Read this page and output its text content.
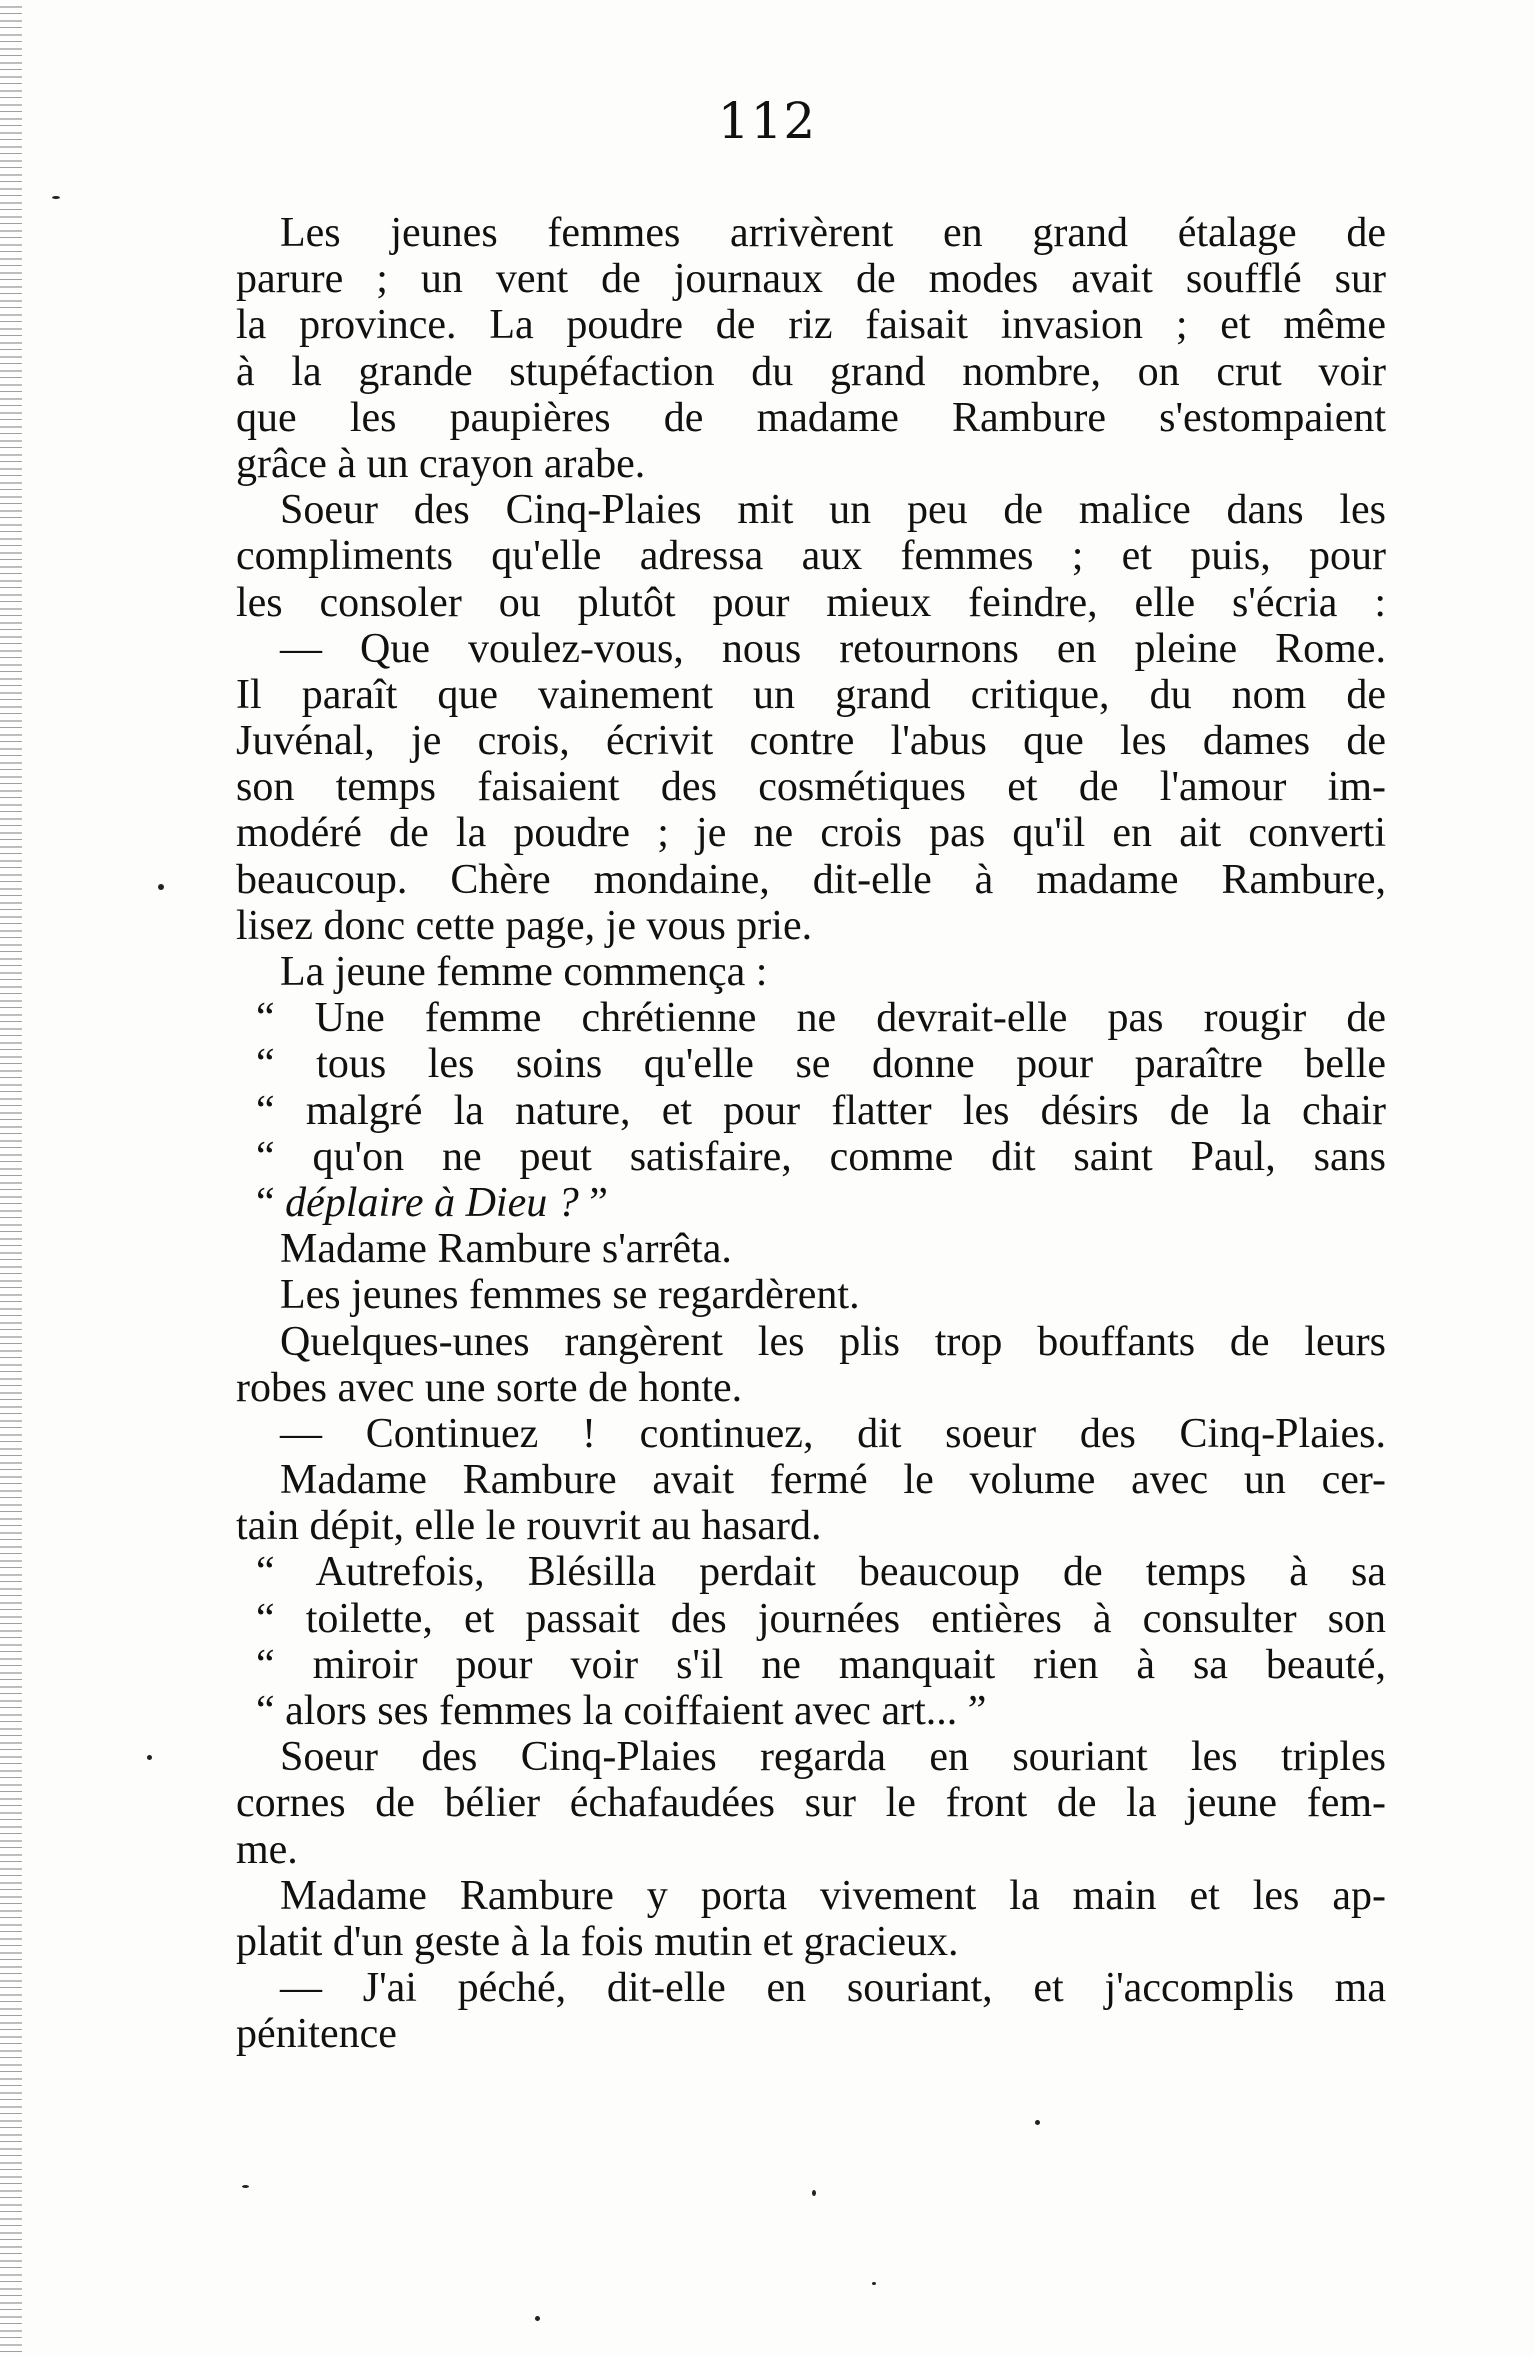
112
Les jeunes femmes arrivèrent en grand étalage de
parure ; un vent de journaux de modes avait soufflé sur
la province. La poudre de riz faisait invasion ; et même
à la grande stupéfaction du grand nombre, on crut voir
que les paupières de madame Rambure s'estompaient
grâce à un crayon arabe.
Soeur des Cinq-Plaies mit un peu de malice dans les
compliments qu'elle adressa aux femmes ; et puis, pour
les consoler ou plutôt pour mieux feindre, elle s'écria :
— Que voulez-vous, nous retournons en pleine Rome.
Il paraît que vainement un grand critique, du nom de
Juvénal, je crois, écrivit contre l'abus que les dames de
son temps faisaient des cosmétiques et de l'amour im-
modéré de la poudre ; je ne crois pas qu'il en ait converti
beaucoup. Chère mondaine, dit-elle à madame Rambure,
lisez donc cette page, je vous prie.
La jeune femme commença :
“ Une femme chrétienne ne devrait-elle pas rougir de
“ tous les soins qu'elle se donne pour paraître belle
“ malgré la nature, et pour flatter les désirs de la chair
“ qu'on ne peut satisfaire, comme dit saint Paul, sans
“ déplaire à Dieu ? ”
Madame Rambure s'arrêta.
Les jeunes femmes se regardèrent.
Quelques-unes rangèrent les plis trop bouffants de leurs
robes avec une sorte de honte.
— Continuez ! continuez, dit soeur des Cinq-Plaies.
Madame Rambure avait fermé le volume avec un cer-
tain dépit, elle le rouvrit au hasard.
“ Autrefois, Blésilla perdait beaucoup de temps à sa
“ toilette, et passait des journées entières à consulter son
“ miroir pour voir s'il ne manquait rien à sa beauté,
“ alors ses femmes la coiffaient avec art... ”
Soeur des Cinq-Plaies regarda en souriant les triples
cornes de bélier échafaudées sur le front de la jeune fem-
me.
Madame Rambure y porta vivement la main et les ap-
platit d'un geste à la fois mutin et gracieux.
— J'ai péché, dit-elle en souriant, et j'accomplis ma
pénitence
